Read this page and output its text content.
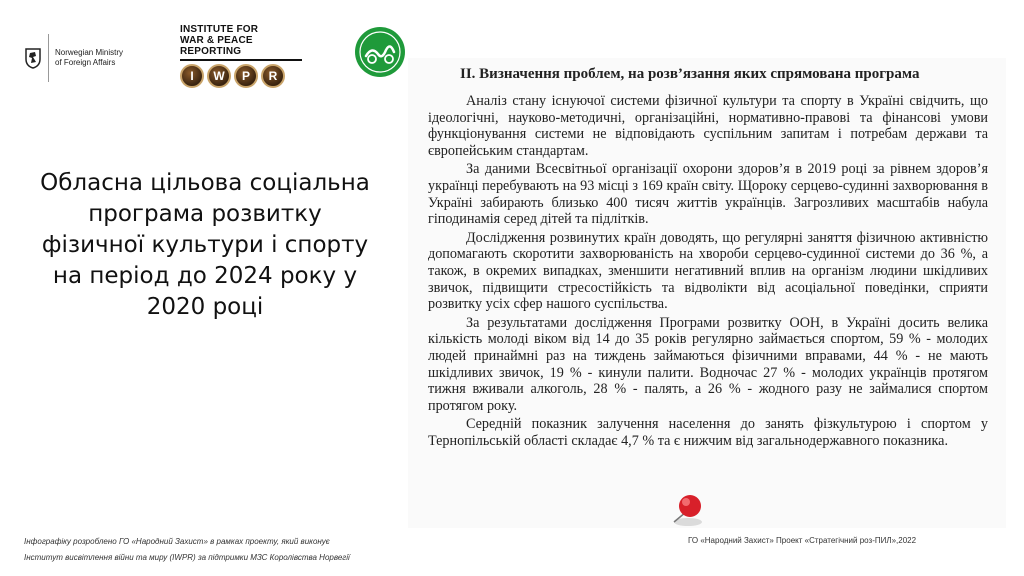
Norwegian Ministry
of Foreign Affairs
INSTITUTE FOR
WAR & PEACE REPORTING
I	W	P	R
Обласна цільова соціальна програма розвитку фізичної культури і спорту на період до 2024 року у 2020 році
II. Визначення проблем, на розв’язання яких спрямована програма

Аналіз стану існуючої системи фізичної культури та спорту в Україні свідчить, що ідеологічні, науково-методичні, організаційні, нормативно-правові та фінансові умови функціонування системи не відповідають суспільним запитам і потребам держави та європейським стандартам.

За даними Всесвітньої організації охорони здоров’я в 2019 році за рівнем здоров’я українці перебувають на 93 місці з 169 країн світу. Щороку серцево-судинні захворювання в Україні забирають близько 400 тисяч життів українців. Загрозливих масштабів набула гіподинамія серед дітей та підлітків.

Дослідження розвинутих країн доводять, що регулярні заняття фізичною активністю допомагають скоротити захворюваність на хвороби серцево-судинної системи до 36 %, а також, в окремих випадках, зменшити негативний вплив на організм людини шкідливих звичок, підвищити стресостійкість та відволікти від асоціальної поведінки, сприяти розвитку усіх сфер нашого суспільства.

За результатами дослідження Програми розвитку ООН, в Україні досить велика кількість молоді віком від 14 до 35 років регулярно займається спортом, 59 % - молодих людей принаймні раз на тиждень займаються фізичними вправами, 44 % - не мають шкідливих звичок, 19 % - кинули палити. Водночас 27 % - молодих українців протягом тижня вживали алкоголь, 28 % - палять, а 26 % - жодного разу не займалися спортом протягом року.

Середній показник залучення населення до занять фізкультурою і спортом у Тернопільській області складає 4,7 % та є нижчим від загальнодержавного показника.

Інфографіку розроблено ГО «Народний Захист» в рамках проекту, який виконує
Інститут висвітлення війни та миру (IWPR) за підтримки МЗС Королівства Норвегії
ГО «Народний Захист» Проект «Стратегічний роз-ПИЛ»,2022
